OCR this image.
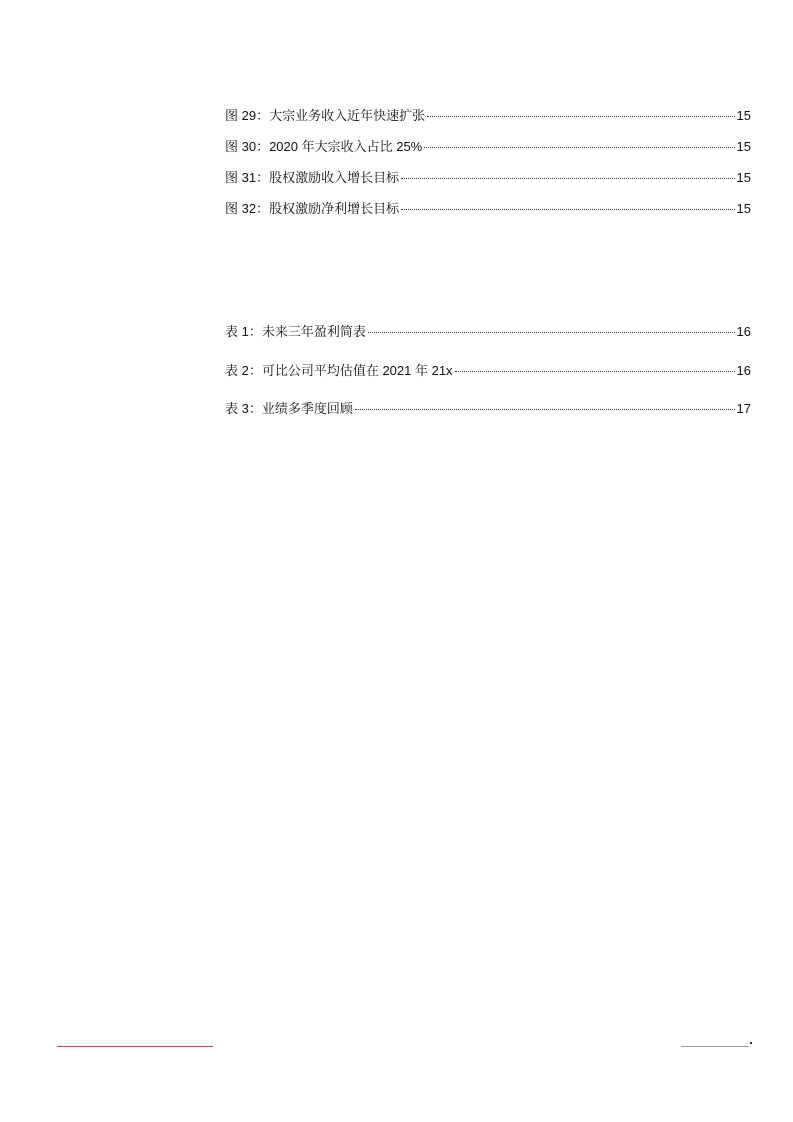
图 29：大宗业务收入近年快速扩张	15
图 30：2020 年大宗收入占比 25%	15
图 31：股权激励收入增长目标	15
图 32：股权激励净利增长目标	15
表 1：未来三年盈利简表	16
表 2：可比公司平均估值在 2021 年 21x	16
表 3：业绩多季度回顾	17
